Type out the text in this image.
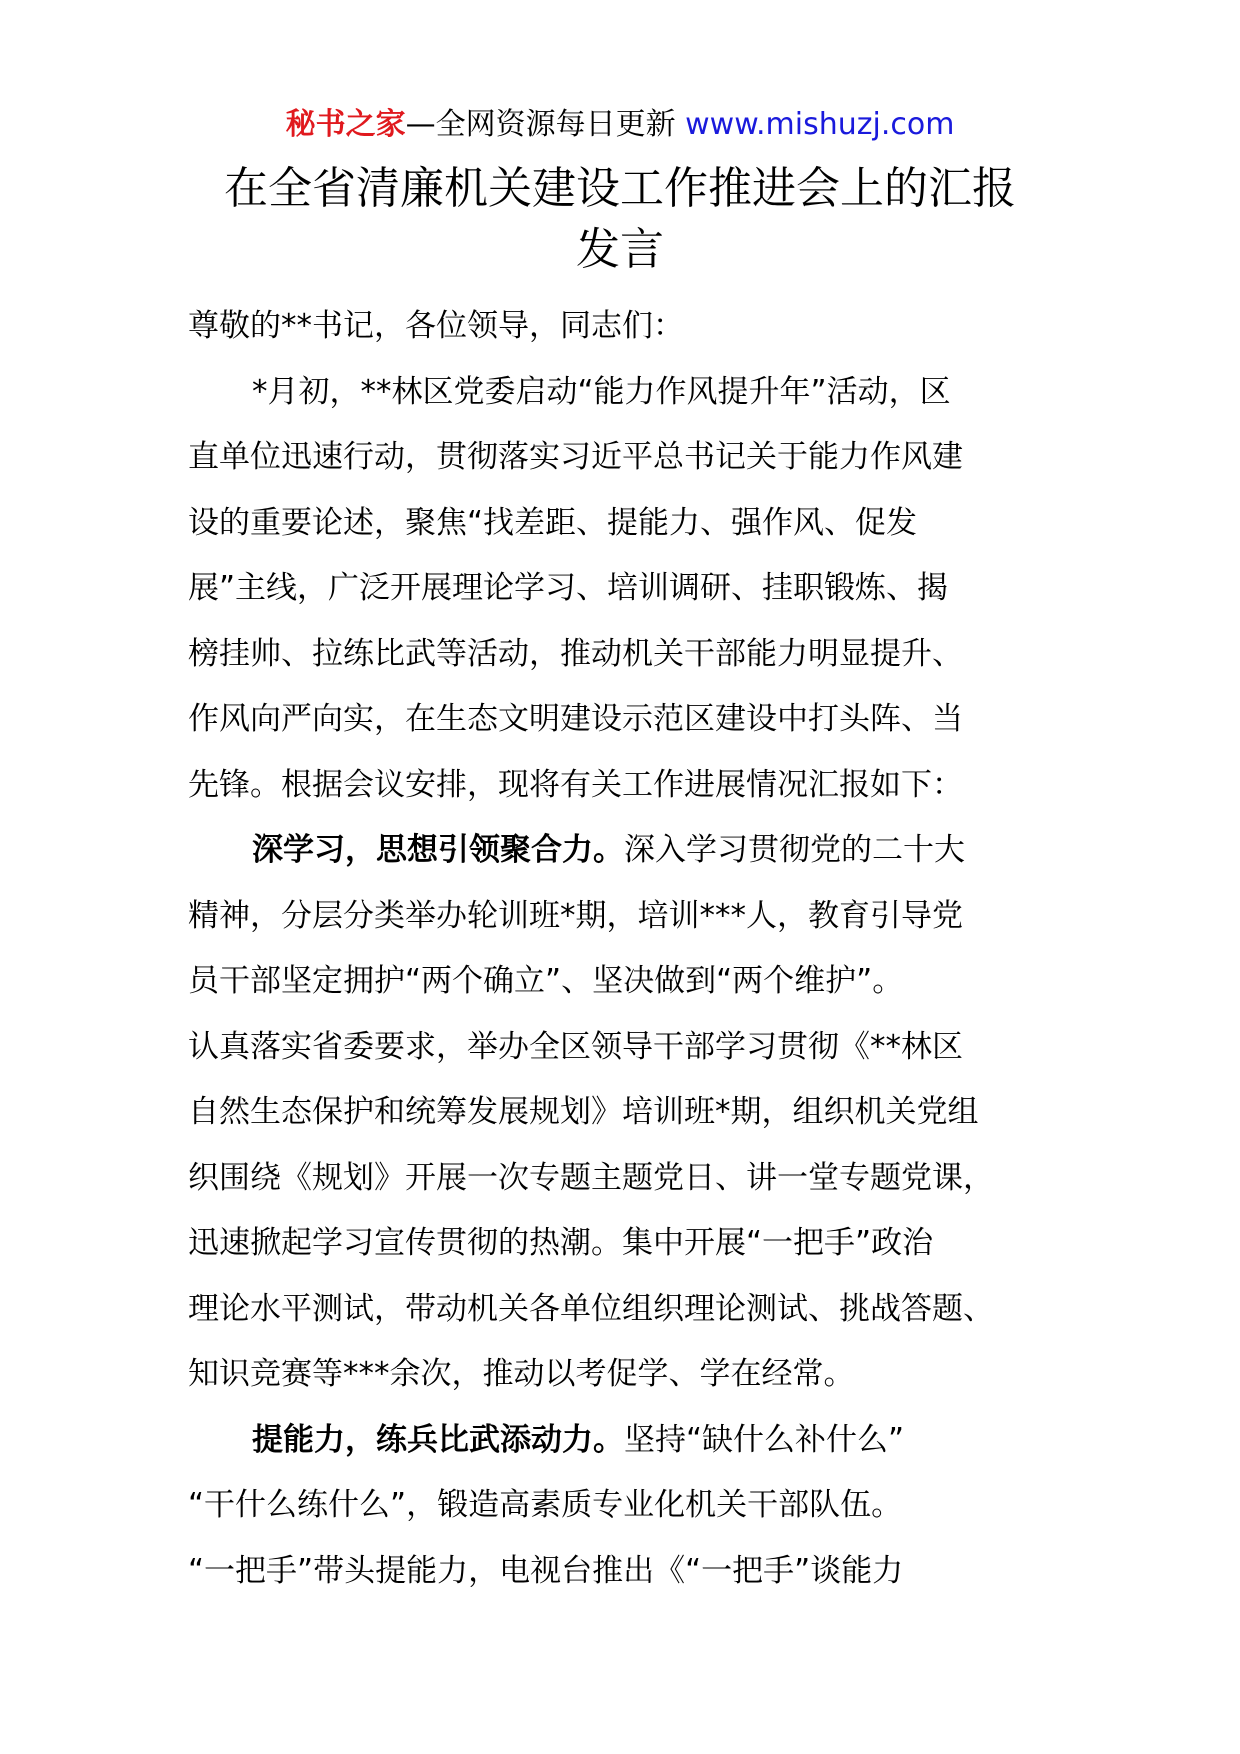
秘书之家—全网资源每日更新 www.mishuzj.com
在全省清廉机关建设工作推进会上的汇报
发言
尊敬的**书记，各位领导，同志们：
*月初，**林区党委启动“能力作风提升年”活动，区
直单位迅速行动，贯彻落实习近平总书记关于能力作风建
设的重要论述，聚焦“找差距、提能力、强作风、促发
展”主线，广泛开展理论学习、培训调研、挂职锻炼、揭
榜挂帅、拉练比武等活动，推动机关干部能力明显提升、
作风向严向实，在生态文明建设示范区建设中打头阵、当
先锋。根据会议安排，现将有关工作进展情况汇报如下：
深学习，思想引领聚合力。深入学习贯彻党的二十大
精神，分层分类举办轮训班*期，培训***人，教育引导党
员干部坚定拥护“两个确立”、坚决做到“两个维护”。
认真落实省委要求，举办全区领导干部学习贯彻《**林区
自然生态保护和统筹发展规划》培训班*期，组织机关党组
织围绕《规划》开展一次专题主题党日、讲一堂专题党课，
迅速掀起学习宣传贯彻的热潮。集中开展“一把手”政治
理论水平测试，带动机关各单位组织理论测试、挑战答题、
知识竞赛等***余次，推动以考促学、学在经常。
提能力，练兵比武添动力。坚持“缺什么补什么”
“干什么练什么”，锻造高素质专业化机关干部队伍。
“一把手”带头提能力，电视台推出《“一把手”谈能力
